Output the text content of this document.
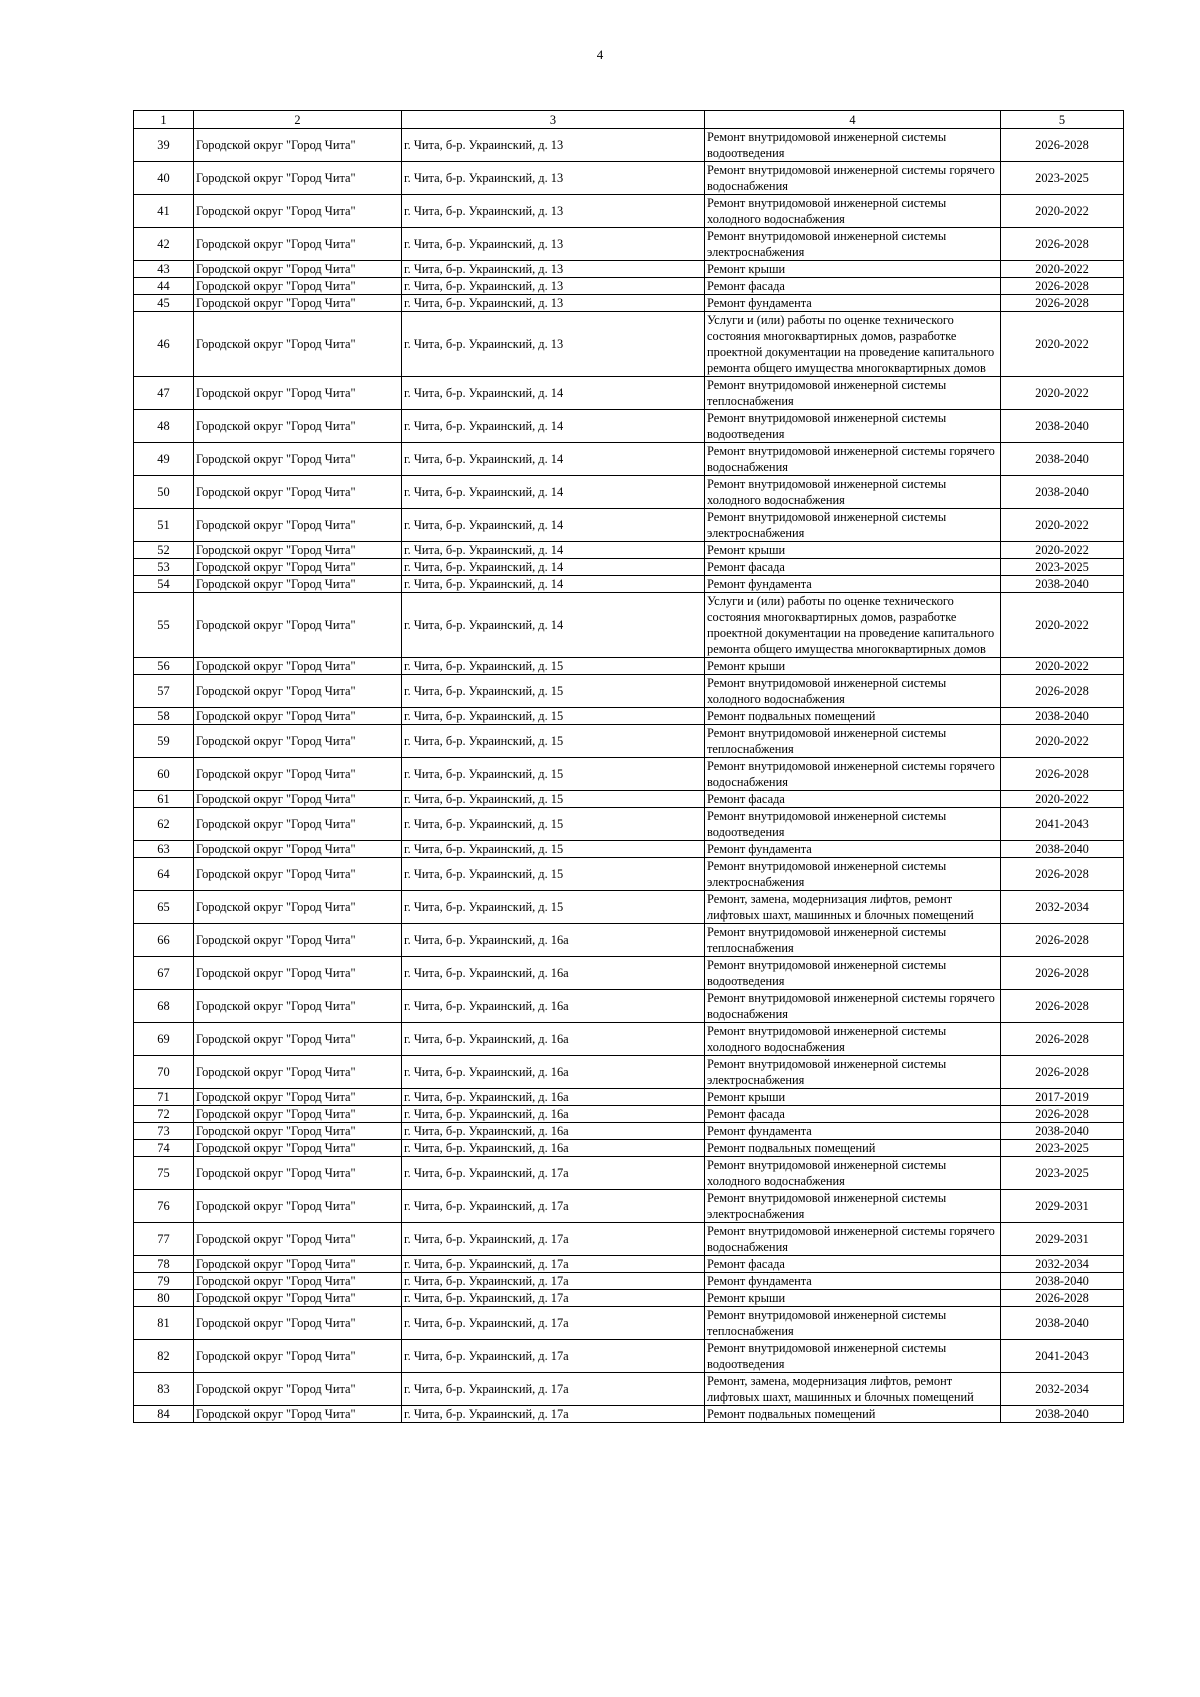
4
1	2	3	4	5
39	Городской округ "Город Чита"	г. Чита, б-р. Украинский, д. 13	Ремонт внутридомовой инженерной системы водоотведения	2026-2028
40	Городской округ "Город Чита"	г. Чита, б-р. Украинский, д. 13	Ремонт внутридомовой инженерной системы горячего водоснабжения	2023-2025
41	Городской округ "Город Чита"	г. Чита, б-р. Украинский, д. 13	Ремонт внутридомовой инженерной системы холодного водоснабжения	2020-2022
42	Городской округ "Город Чита"	г. Чита, б-р. Украинский, д. 13	Ремонт внутридомовой инженерной системы электроснабжения	2026-2028
43	Городской округ "Город Чита"	г. Чита, б-р. Украинский, д. 13	Ремонт крыши	2020-2022
44	Городской округ "Город Чита"	г. Чита, б-р. Украинский, д. 13	Ремонт фасада	2026-2028
45	Городской округ "Город Чита"	г. Чита, б-р. Украинский, д. 13	Ремонт фундамента	2026-2028
46	Городской округ "Город Чита"	г. Чита, б-р. Украинский, д. 13	Услуги и (или) работы по оценке технического состояния многоквартирных домов, разработке проектной документации на проведение капитального ремонта общего имущества многоквартирных домов	2020-2022
47	Городской округ "Город Чита"	г. Чита, б-р. Украинский, д. 14	Ремонт внутридомовой инженерной системы теплоснабжения	2020-2022
48	Городской округ "Город Чита"	г. Чита, б-р. Украинский, д. 14	Ремонт внутридомовой инженерной системы водоотведения	2038-2040
49	Городской округ "Город Чита"	г. Чита, б-р. Украинский, д. 14	Ремонт внутридомовой инженерной системы горячего водоснабжения	2038-2040
50	Городской округ "Город Чита"	г. Чита, б-р. Украинский, д. 14	Ремонт внутридомовой инженерной системы холодного водоснабжения	2038-2040
51	Городской округ "Город Чита"	г. Чита, б-р. Украинский, д. 14	Ремонт внутридомовой инженерной системы электроснабжения	2020-2022
52	Городской округ "Город Чита"	г. Чита, б-р. Украинский, д. 14	Ремонт крыши	2020-2022
53	Городской округ "Город Чита"	г. Чита, б-р. Украинский, д. 14	Ремонт фасада	2023-2025
54	Городской округ "Город Чита"	г. Чита, б-р. Украинский, д. 14	Ремонт фундамента	2038-2040
55	Городской округ "Город Чита"	г. Чита, б-р. Украинский, д. 14	Услуги и (или) работы по оценке технического состояния многоквартирных домов, разработке проектной документации на проведение капитального ремонта общего имущества многоквартирных домов	2020-2022
56	Городской округ "Город Чита"	г. Чита, б-р. Украинский, д. 15	Ремонт крыши	2020-2022
57	Городской округ "Город Чита"	г. Чита, б-р. Украинский, д. 15	Ремонт внутридомовой инженерной системы холодного водоснабжения	2026-2028
58	Городской округ "Город Чита"	г. Чита, б-р. Украинский, д. 15	Ремонт подвальных помещений	2038-2040
59	Городской округ "Город Чита"	г. Чита, б-р. Украинский, д. 15	Ремонт внутридомовой инженерной системы теплоснабжения	2020-2022
60	Городской округ "Город Чита"	г. Чита, б-р. Украинский, д. 15	Ремонт внутридомовой инженерной системы горячего водоснабжения	2026-2028
61	Городской округ "Город Чита"	г. Чита, б-р. Украинский, д. 15	Ремонт фасада	2020-2022
62	Городской округ "Город Чита"	г. Чита, б-р. Украинский, д. 15	Ремонт внутридомовой инженерной системы водоотведения	2041-2043
63	Городской округ "Город Чита"	г. Чита, б-р. Украинский, д. 15	Ремонт фундамента	2038-2040
64	Городской округ "Город Чита"	г. Чита, б-р. Украинский, д. 15	Ремонт внутридомовой инженерной системы электроснабжения	2026-2028
65	Городской округ "Город Чита"	г. Чита, б-р. Украинский, д. 15	Ремонт, замена, модернизация лифтов, ремонт лифтовых шахт, машинных и блочных помещений	2032-2034
66	Городской округ "Город Чита"	г. Чита, б-р. Украинский, д. 16а	Ремонт внутридомовой инженерной системы теплоснабжения	2026-2028
67	Городской округ "Город Чита"	г. Чита, б-р. Украинский, д. 16а	Ремонт внутридомовой инженерной системы водоотведения	2026-2028
68	Городской округ "Город Чита"	г. Чита, б-р. Украинский, д. 16а	Ремонт внутридомовой инженерной системы горячего водоснабжения	2026-2028
69	Городской округ "Город Чита"	г. Чита, б-р. Украинский, д. 16а	Ремонт внутридомовой инженерной системы холодного водоснабжения	2026-2028
70	Городской округ "Город Чита"	г. Чита, б-р. Украинский, д. 16а	Ремонт внутридомовой инженерной системы электроснабжения	2026-2028
71	Городской округ "Город Чита"	г. Чита, б-р. Украинский, д. 16а	Ремонт крыши	2017-2019
72	Городской округ "Город Чита"	г. Чита, б-р. Украинский, д. 16а	Ремонт фасада	2026-2028
73	Городской округ "Город Чита"	г. Чита, б-р. Украинский, д. 16а	Ремонт фундамента	2038-2040
74	Городской округ "Город Чита"	г. Чита, б-р. Украинский, д. 16а	Ремонт подвальных помещений	2023-2025
75	Городской округ "Город Чита"	г. Чита, б-р. Украинский, д. 17а	Ремонт внутридомовой инженерной системы холодного водоснабжения	2023-2025
76	Городской округ "Город Чита"	г. Чита, б-р. Украинский, д. 17а	Ремонт внутридомовой инженерной системы электроснабжения	2029-2031
77	Городской округ "Город Чита"	г. Чита, б-р. Украинский, д. 17а	Ремонт внутридомовой инженерной системы горячего водоснабжения	2029-2031
78	Городской округ "Город Чита"	г. Чита, б-р. Украинский, д. 17а	Ремонт фасада	2032-2034
79	Городской округ "Город Чита"	г. Чита, б-р. Украинский, д. 17а	Ремонт фундамента	2038-2040
80	Городской округ "Город Чита"	г. Чита, б-р. Украинский, д. 17а	Ремонт крыши	2026-2028
81	Городской округ "Город Чита"	г. Чита, б-р. Украинский, д. 17а	Ремонт внутридомовой инженерной системы теплоснабжения	2038-2040
82	Городской округ "Город Чита"	г. Чита, б-р. Украинский, д. 17а	Ремонт внутридомовой инженерной системы водоотведения	2041-2043
83	Городской округ "Город Чита"	г. Чита, б-р. Украинский, д. 17а	Ремонт, замена, модернизация лифтов, ремонт лифтовых шахт, машинных и блочных помещений	2032-2034
84	Городской округ "Город Чита"	г. Чита, б-р. Украинский, д. 17а	Ремонт подвальных помещений	2038-2040
